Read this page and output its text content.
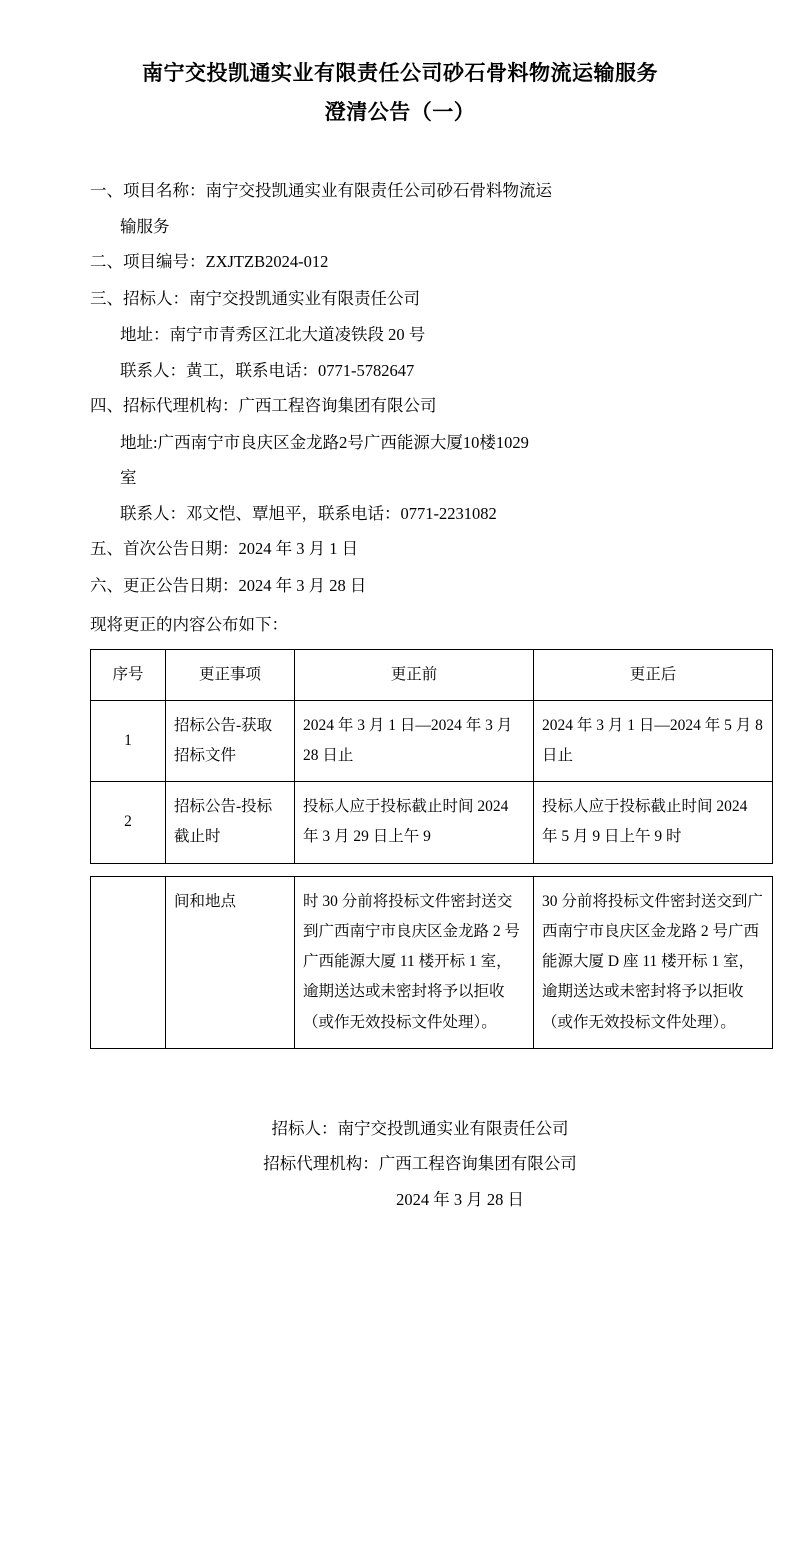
南宁交投凯通实业有限责任公司砂石骨料物流运输服务
澄清公告（一）
一、项目名称：南宁交投凯通实业有限责任公司砂石骨料物流运
输服务
二、项目编号：ZXJTZB2024-012
三、招标人：南宁交投凯通实业有限责任公司
地址：南宁市青秀区江北大道凌铁段 20 号
联系人：黄工，联系电话：0771-5782647
四、招标代理机构：广西工程咨询集团有限公司
地址:广西南宁市良庆区金龙路2号广西能源大厦10楼1029
室
联系人：邓文恺、覃旭平，联系电话：0771-2231082
五、首次公告日期：2024 年 3 月 1 日
六、更正公告日期：2024 年 3 月 28 日
现将更正的内容公布如下：
序号	更正事项	更正前	更正后
1	招标公告-获取招标文件	2024 年 3 月 1 日—2024 年 3 月 28 日止	2024 年 3 月 1 日—2024 年 5 月 8 日止
2	招标公告-投标截止时	投标人应于投标截止时间 2024 年 3 月 29 日上午 9	投标人应于投标截止时间 2024 年 5 月 9 日上午 9 时
	间和地点	时 30 分前将投标文件密封送交到广西南宁市良庆区金龙路 2 号广西能源大厦 11 楼开标 1 室，逾期送达或未密封将予以拒收（或作无效投标文件处理）。	30 分前将投标文件密封送交到广西南宁市良庆区金龙路 2 号广西能源大厦 D 座 11 楼开标 1 室，逾期送达或未密封将予以拒收（或作无效投标文件处理）。
招标人：南宁交投凯通实业有限责任公司
招标代理机构：广西工程咨询集团有限公司
2024 年 3 月 28 日
